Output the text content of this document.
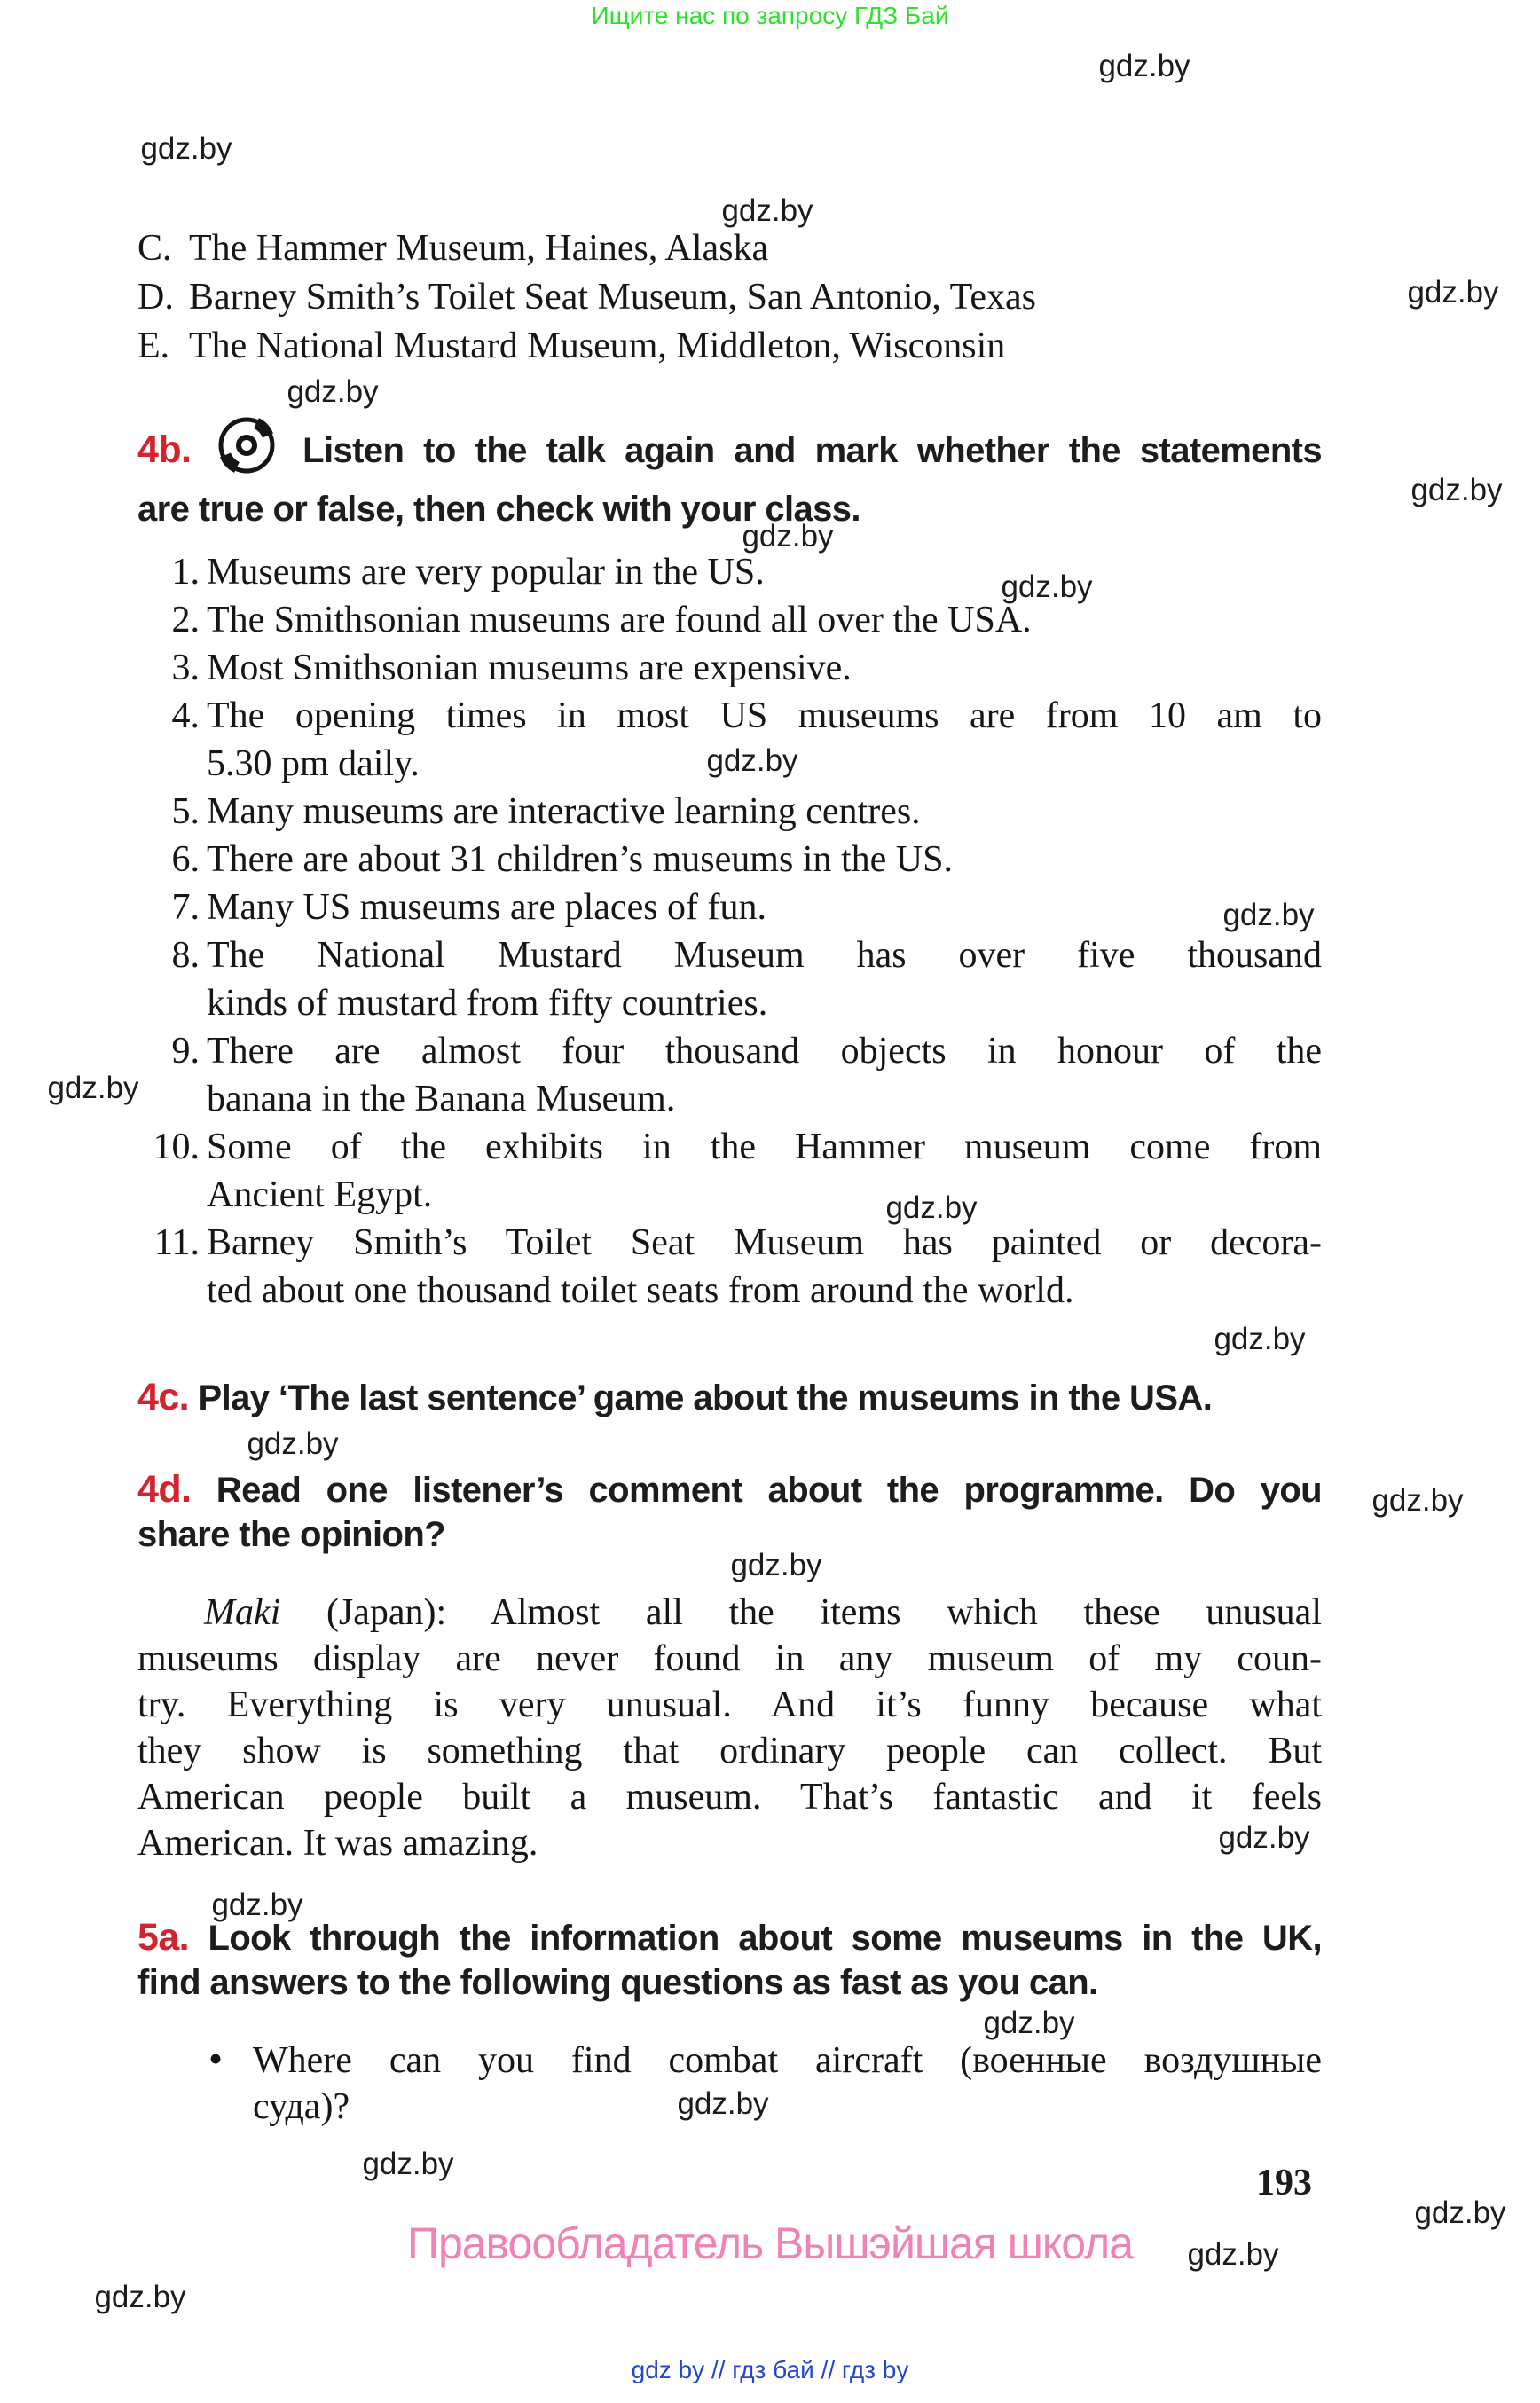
Ищите нас по запросу ГДЗ Бай
gdz.by
gdz.by
gdz.by
gdz.by
gdz.by
gdz.by
gdz.by
gdz.by
gdz.by
gdz.by
gdz.by
gdz.by
gdz.by
gdz.by
gdz.by
gdz.by
gdz.by
gdz.by
gdz.by
gdz.by
gdz.by
gdz.by
gdz.by
gdz.by
C. The Hammer Museum, Haines, Alaska
D. Barney Smith’s Toilet Seat Museum, San Antonio, Texas
E. The National Mustard Museum, Middleton, Wisconsin
4b.	Listen to the talk again and mark whether the statements
are true or false, then check with your class.
1. Museums are very popular in the US.
2. The Smithsonian museums are found all over the USA.
3. Most Smithsonian museums are expensive.
4. The opening times in most US museums are from 10 am to
5.30 pm daily.
5. Many museums are interactive learning centres.
6. There are about 31 children’s museums in the US.
7. Many US museums are places of fun.
8. The National Mustard Museum has over five thousand
kinds of mustard from fifty countries.
9. There are almost four thousand objects in honour of the
banana in the Banana Museum.
10. Some of the exhibits in the Hammer museum come from
Ancient Egypt.
11. Barney Smith’s Toilet Seat Museum has painted or decora-
ted about one thousand toilet seats from around the world.
4c. Play ‘The last sentence’ game about the museums in the USA.
4d. Read one listener’s comment about the programme. Do you
share the opinion?
Maki (Japan): Almost all the items which these unusual
museums display are never found in any museum of my coun-
try. Everything is very unusual. And it’s funny because what
they show is something that ordinary people can collect. But
American people built a museum. That’s fantastic and it feels
American. It was amazing.
5a. Look through the information about some museums in the UK,
find answers to the following questions as fast as you can.
• Where can you find combat aircraft (военные воздушные
суда)?
193
Правообладатель Вышэйшая школа
gdz by // гдз бай // гдз by
